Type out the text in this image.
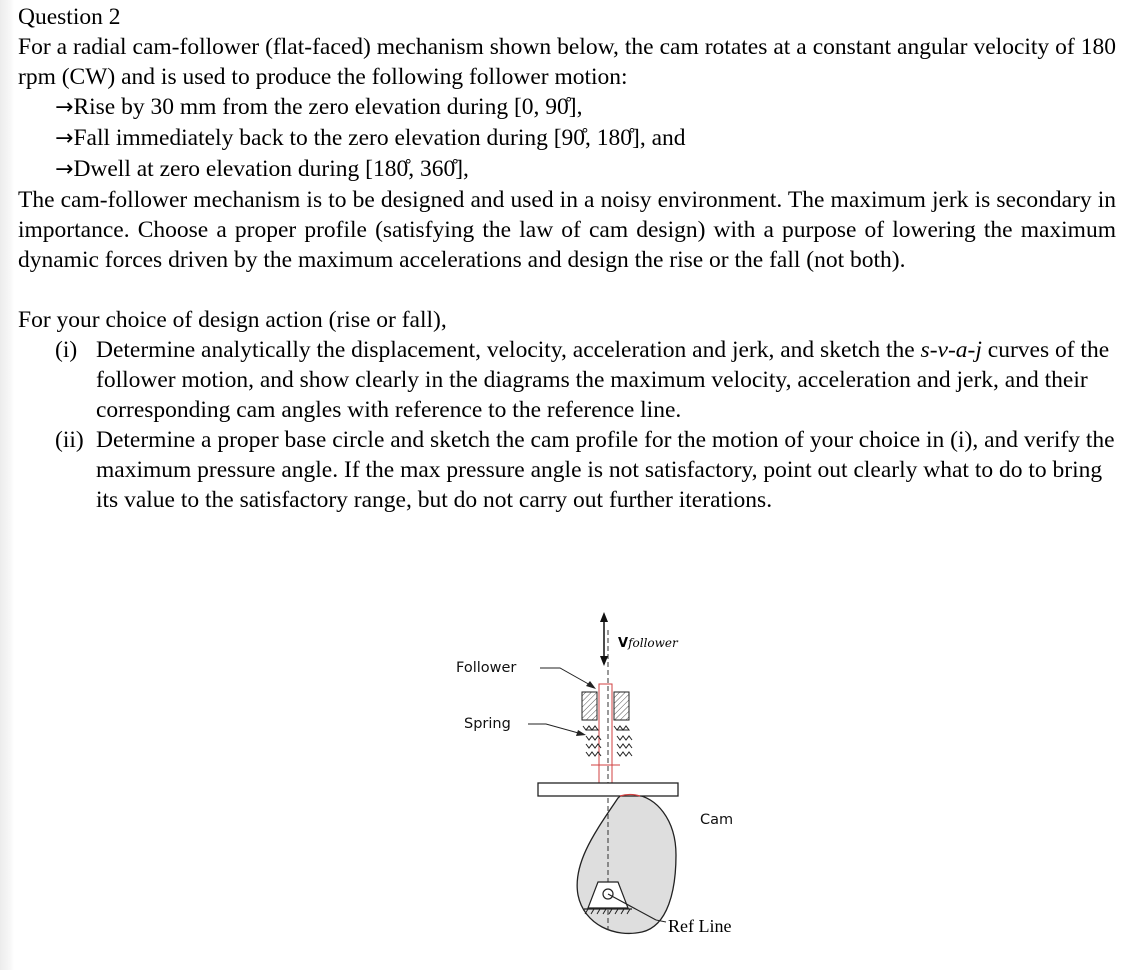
Question 2

For a radial cam-follower (flat-faced) mechanism shown below, the cam rotates at a constant angular velocity of 180 rpm (CW) and is used to produce the following follower motion:

→Rise by 30 mm from the zero elevation during [0, 90̊],
→Fall immediately back to the zero elevation during [90̊, 180̊], and
→Dwell at zero elevation during [180̊, 360̊],

The cam-follower mechanism is to be designed and used in a noisy environment. The maximum jerk is secondary in importance. Choose a proper profile (satisfying the law of cam design) with a purpose of lowering the maximum dynamic forces driven by the maximum accelerations and design the rise or the fall (not both).

For your choice of design action (rise or fall),

(i) Determine analytically the displacement, velocity, acceleration and jerk, and sketch the s-v-a-j curves of the follower motion, and show clearly in the diagrams the maximum velocity, acceleration and jerk, and their corresponding cam angles with reference to the reference line.
(ii) Determine a proper base circle and sketch the cam profile for the motion of your choice in (i), and verify the maximum pressure angle. If the max pressure angle is not satisfactory, point out clearly what to do to bring its value to the satisfactory range, but do not carry out further iterations.
Follower
Spring
Cam
Ref Line
Vfollower
